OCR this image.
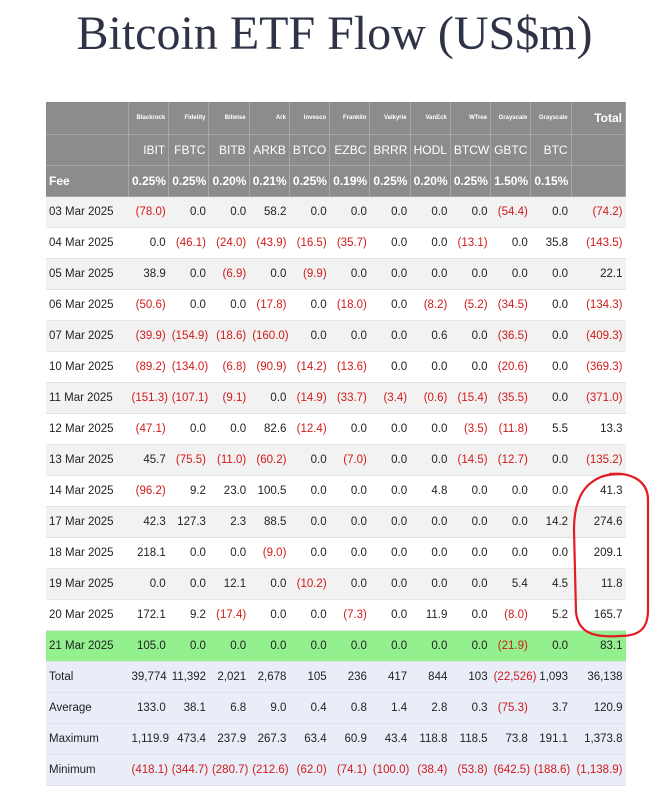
Bitcoin ETF Flow (US$m)
	Blackrock	Fidelity	Bitwise	Ark	Invesco	Franklin	Valkyrie	VanEck	WTree	Grayscale	Grayscale	Total
	IBIT	FBTC	BITB	ARKB	BTCO	EZBC	BRRR	HODL	BTCW	GBTC	BTC	
Fee	0.25%	0.25%	0.20%	0.21%	0.25%	0.19%	0.25%	0.20%	0.25%	1.50%	0.15%	
03 Mar 2025	(78.0)	0.0	0.0	58.2	0.0	0.0	0.0	0.0	0.0	(54.4)	0.0	(74.2)
04 Mar 2025	0.0	(46.1)	(24.0)	(43.9)	(16.5)	(35.7)	0.0	0.0	(13.1)	0.0	35.8	(143.5)
05 Mar 2025	38.9	0.0	(6.9)	0.0	(9.9)	0.0	0.0	0.0	0.0	0.0	0.0	22.1
06 Mar 2025	(50.6)	0.0	0.0	(17.8)	0.0	(18.0)	0.0	(8.2)	(5.2)	(34.5)	0.0	(134.3)
07 Mar 2025	(39.9)	(154.9)	(18.6)	(160.0)	0.0	0.0	0.0	0.6	0.0	(36.5)	0.0	(409.3)
10 Mar 2025	(89.2)	(134.0)	(6.8)	(90.9)	(14.2)	(13.6)	0.0	0.0	0.0	(20.6)	0.0	(369.3)
11 Mar 2025	(151.3)	(107.1)	(9.1)	0.0	(14.9)	(33.7)	(3.4)	(0.6)	(15.4)	(35.5)	0.0	(371.0)
12 Mar 2025	(47.1)	0.0	0.0	82.6	(12.4)	0.0	0.0	0.0	(3.5)	(11.8)	5.5	13.3
13 Mar 2025	45.7	(75.5)	(11.0)	(60.2)	0.0	(7.0)	0.0	0.0	(14.5)	(12.7)	0.0	(135.2)
14 Mar 2025	(96.2)	9.2	23.0	100.5	0.0	0.0	0.0	4.8	0.0	0.0	0.0	41.3
17 Mar 2025	42.3	127.3	2.3	88.5	0.0	0.0	0.0	0.0	0.0	0.0	14.2	274.6
18 Mar 2025	218.1	0.0	0.0	(9.0)	0.0	0.0	0.0	0.0	0.0	0.0	0.0	209.1
19 Mar 2025	0.0	0.0	12.1	0.0	(10.2)	0.0	0.0	0.0	0.0	5.4	4.5	11.8
20 Mar 2025	172.1	9.2	(17.4)	0.0	0.0	(7.3)	0.0	11.9	0.0	(8.0)	5.2	165.7
21 Mar 2025	105.0	0.0	0.0	0.0	0.0	0.0	0.0	0.0	0.0	(21.9)	0.0	83.1
Total	39,774	11,392	2,021	2,678	105	236	417	844	103	(22,526)	1,093	36,138
Average	133.0	38.1	6.8	9.0	0.4	0.8	1.4	2.8	0.3	(75.3)	3.7	120.9
Maximum	1,119.9	473.4	237.9	267.3	63.4	60.9	43.4	118.8	118.5	73.8	191.1	1,373.8
Minimum	(418.1)	(344.7)	(280.7)	(212.6)	(62.0)	(74.1)	(100.0)	(38.4)	(53.8)	(642.5)	(188.6)	(1,138.9)
